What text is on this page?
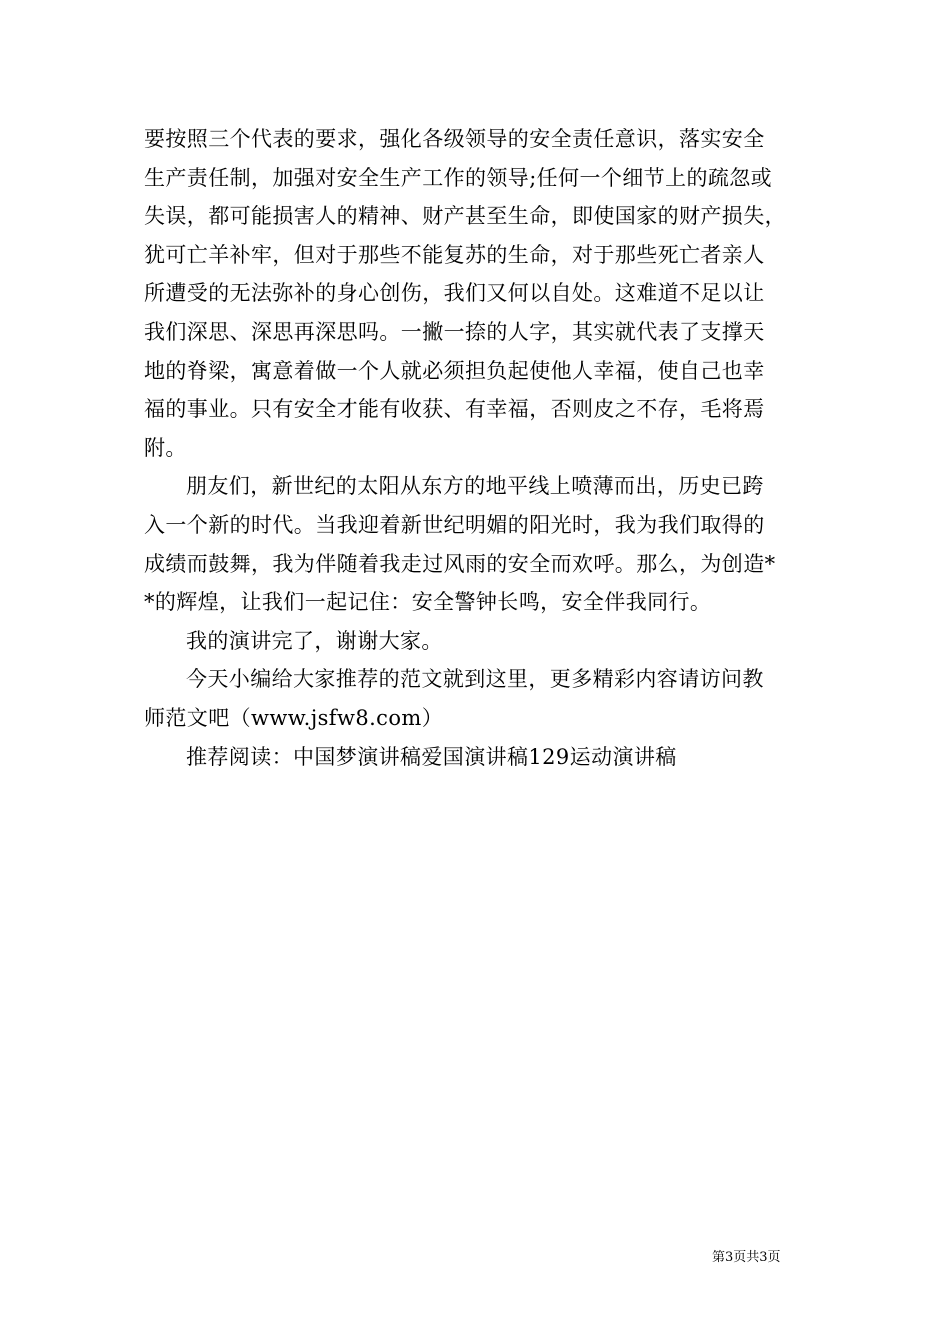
要按照三个代表的要求，强化各级领导的安全责任意识，落实安全
生产责任制，加强对安全生产工作的领导;任何一个细节上的疏忽或
失误，都可能损害人的精神、财产甚至生命，即使国家的财产损失，
犹可亡羊补牢，但对于那些不能复苏的生命，对于那些死亡者亲人
所遭受的无法弥补的身心创伤，我们又何以自处。这难道不足以让
我们深思、深思再深思吗。一撇一捺的人字，其实就代表了支撑天
地的脊梁，寓意着做一个人就必须担负起使他人幸福，使自己也幸
福的事业。只有安全才能有收获、有幸福，否则皮之不存，毛将焉
附。
朋友们，新世纪的太阳从东方的地平线上喷薄而出，历史已跨
入一个新的时代。当我迎着新世纪明媚的阳光时，我为我们取得的
成绩而鼓舞，我为伴随着我走过风雨的安全而欢呼。那么，为创造*
*的辉煌，让我们一起记住：安全警钟长鸣，安全伴我同行。
我的演讲完了，谢谢大家。
今天小编给大家推荐的范文就到这里，更多精彩内容请访问教
师范文吧（www.jsfw8.com）
推荐阅读：中国梦演讲稿爱国演讲稿129运动演讲稿
第3页共3页
